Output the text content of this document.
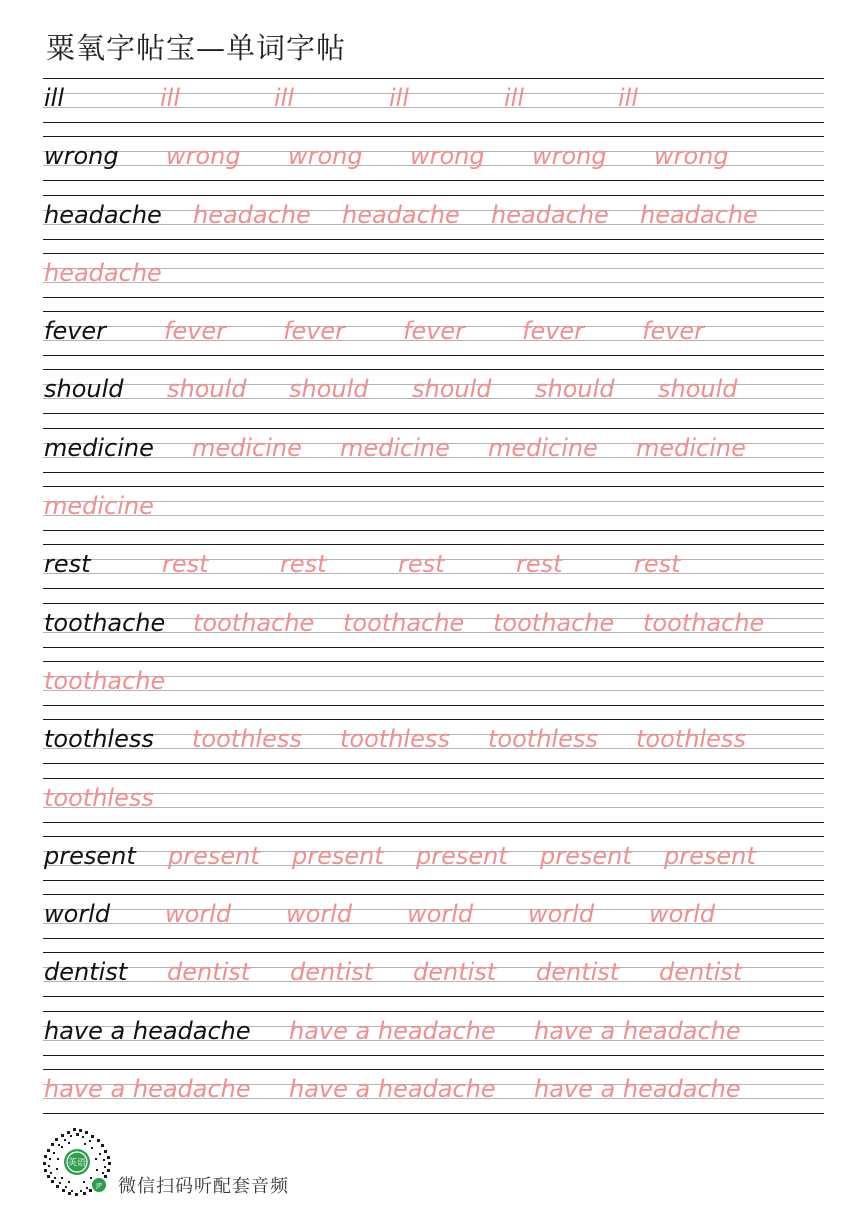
粟氧字帖宝—单词字帖
ill	ill	ill	ill	ill	ill
wrong wrong wrong wrong wrong wrong
headache headache headache headache headache
headache
fever fever fever fever fever fever
should should should should should should
medicine medicine medicine medicine medicine
medicine
rest	rest	rest	rest	rest	rest
toothache toothache toothache toothache toothache
toothache
toothless toothless toothless toothless toothless
toothless
present present present present present present
world world world world world world
dentist dentist dentist dentist dentist dentist
have a headache have a headache have a headache
have a headache have a headache have a headache
英语
JP 微信扫码听配套音频
